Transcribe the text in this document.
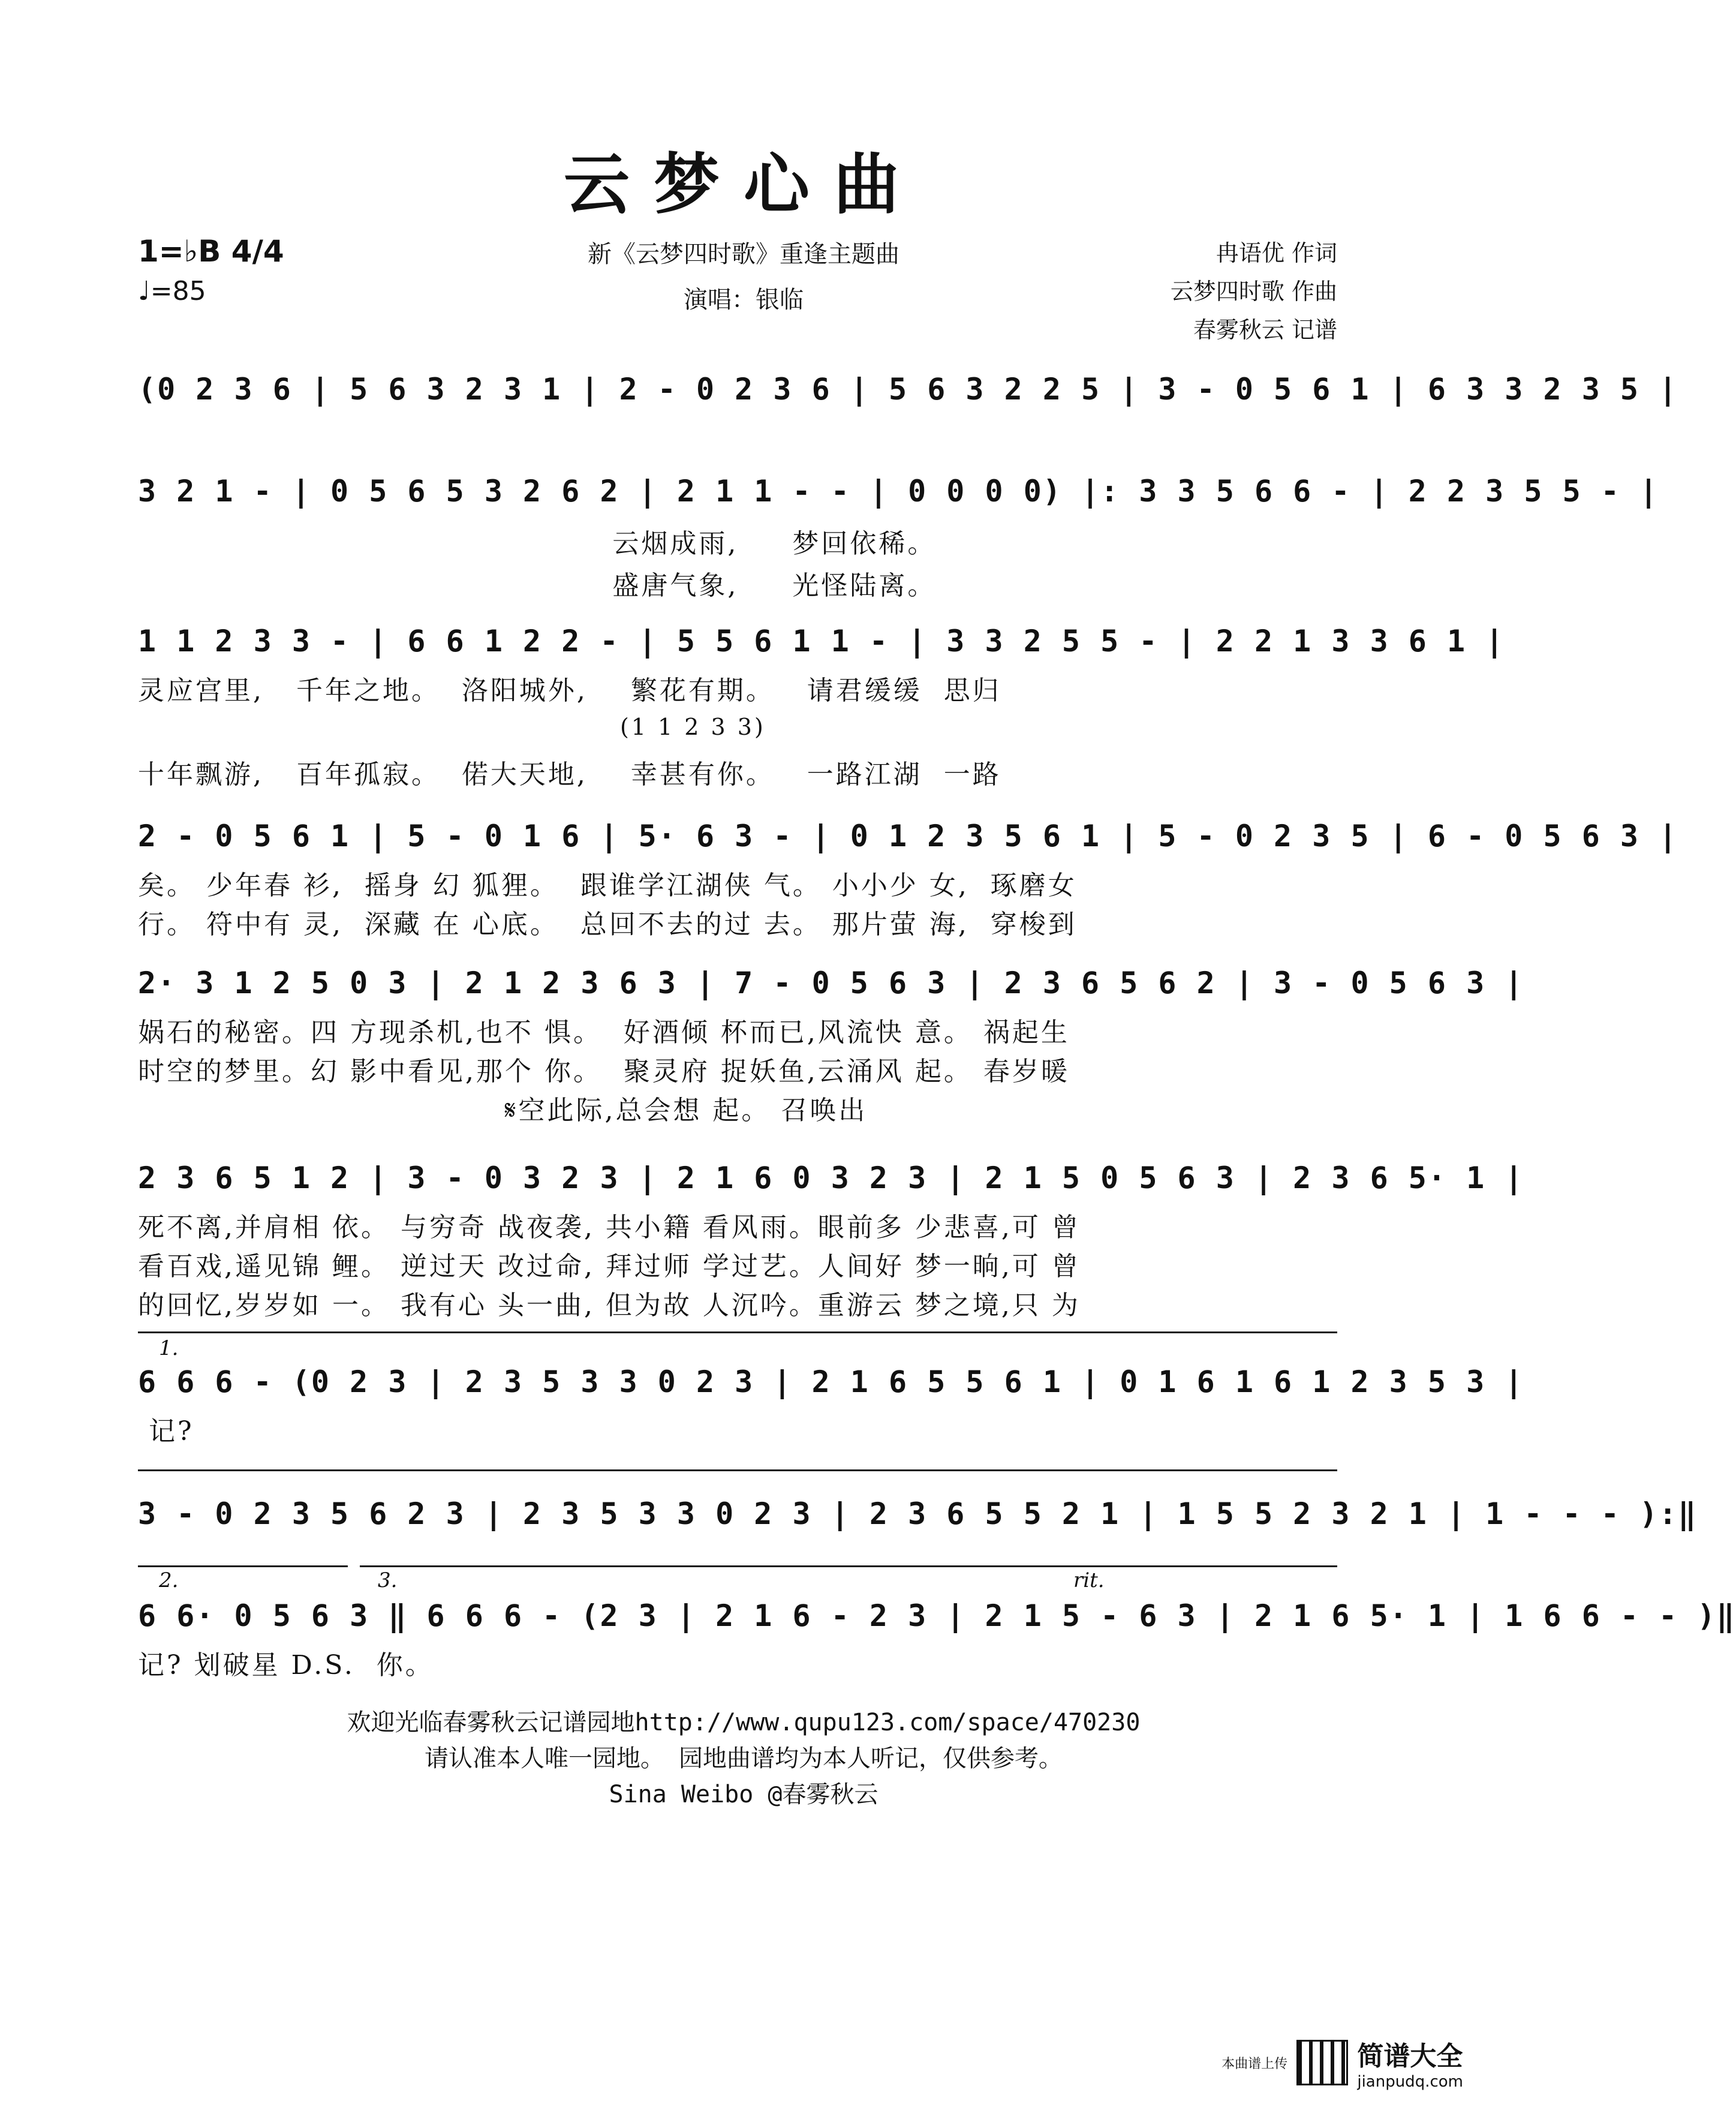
云梦心曲
1=♭B 4/4
♩=85
新《云梦四时歌》重逢主题曲
演唱：银临
冉语优 作词
云梦四时歌 作曲
春雾秋云 记谱
(0 2 3 6 | 5 6 3 2 3 1 | 2 - 0 2 3 6 | 5 6 3 2 2 5 | 3 - 0 5 6 1 | 6 3 3 2 3 5 |
3 2 1 - | 0 5 6 5 3 2 6 2 | 2 1 1 - - | 0 0 0 0) |: 3 3 5 6 6 - | 2 2 3 5 5 - |
云烟成雨,     梦回依稀。
盛唐气象,     光怪陆离。
1 1 2 3 3 - | 6 6 1 2 2 - | 5 5 6 1 1 - | 3 3 2 5 5 - | 2 2 1 3 3 6 1 |
灵应宫里,   千年之地。  洛阳城外,    繁花有期。   请君缓缓  思归
(1 1 2 3 3)
十年飘游,   百年孤寂。  偌大天地,    幸甚有你。   一路江湖  一路
2 - 0 5 6 1 | 5 - 0 1 6 | 5· 6 3 - | 0 1 2 3 5 6 1 | 5 - 0 2 3 5 | 6 - 0 5 6 3 |
矣。 少年春 衫,  摇身 幻 狐狸。  跟谁学江湖侠 气。 小小少 女,  琢磨女
行。 符中有 灵,  深藏 在 心底。  总回不去的过 去。 那片萤 海,  穿梭到
2· 3 1 2 5 0 3 | 2 1 2 3 6 3 | 7 - 0 5 6 3 | 2 3 6 5 6 2 | 3 - 0 5 6 3 |
娲石的秘密。四 方现杀机,也不 惧。  好酒倾 杯而已,风流快 意。 祸起生
时空的梦里。幻 影中看见,那个 你。  聚灵府 捉妖鱼,云涌风 起。 春岁暖
𝄋空此际,总会想 起。 召唤出
2 3 6 5 1 2 | 3 - 0 3 2 3 | 2 1 6 0 3 2 3 | 2 1 5 0 5 6 3 | 2 3 6 5· 1 |
死不离,并肩相 依。 与穷奇 战夜袭, 共小籍 看风雨。眼前多 少悲喜,可 曾
看百戏,遥见锦 鲤。 逆过天 改过命, 拜过师 学过艺。人间好 梦一晌,可 曾
的回忆,岁岁如 一。 我有心 头一曲, 但为故 人沉吟。重游云 梦之境,只 为
1.
6 6 6 - (0 2 3 | 2 3 5 3 3 0 2 3 | 2 1 6 5 5 6 1 | 0 1 6 1 6 1 2 3 5 3 |
记?
3 - 0 2 3 5 6 2 3 | 2 3 5 3 3 0 2 3 | 2 3 6 5 5 2 1 | 1 5 5 2 3 2 1 | 1 - - - ):‖
2.	3.	rit.
6 6· 0 5 6 3 ‖ 6 6 6 - (2 3 | 2 1 6 - 2 3 | 2 1 5 - 6 3 | 2 1 6 5· 1 | 1 6 6 - - )‖
记? 划破星 D.S.  你。
欢迎光临春雾秋云记谱园地http://www.qupu123.com/space/470230
请认准本人唯一园地。 园地曲谱均为本人听记，仅供参考。
Sina Weibo @春雾秋云
本曲谱上传	简谱大全
jianpudq.com
